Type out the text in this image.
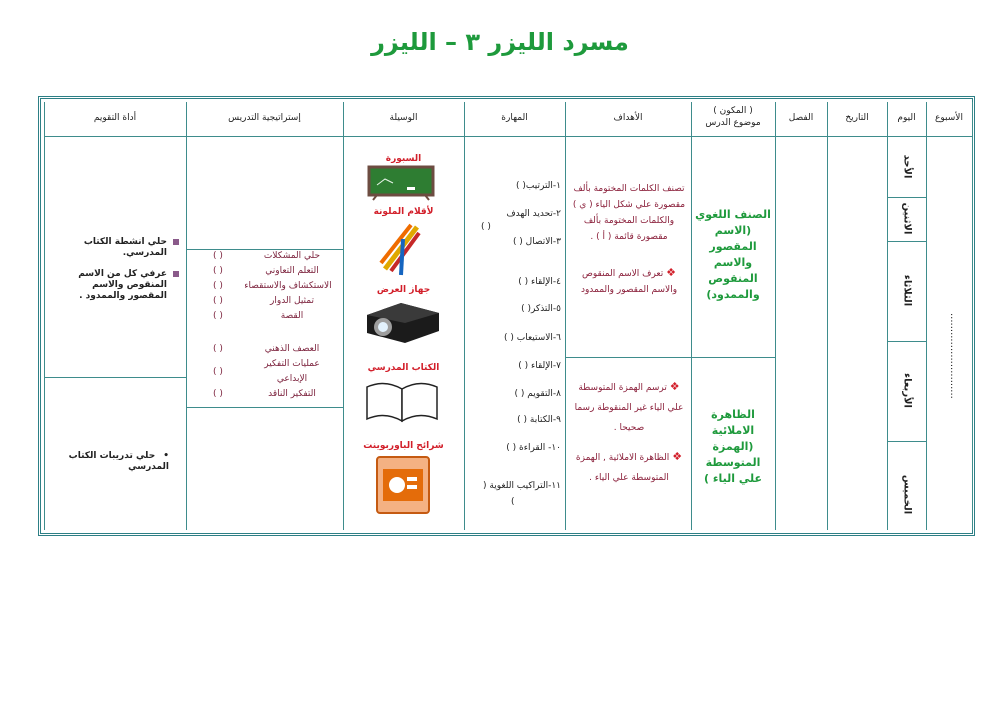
مسرد الليزر ٣ – الليزر
الأسبوع
اليوم
التاريخ
الفصل
( المكون )
موضوع الدرس
الأهداف
المهارة
الوسيلة
إستراتيجية التدريس
أداة التقويم
الأحد
الاثنين
الثلاثاء
الأربعاء
الخميس
...........................
الصنف اللغوي (الاسم المقصور والاسم المنقوص والممدود)
الظاهرة الاملائية (الهمزة المتوسطة علي الياء )
تصنف الكلمات المختومة بألف مقصورة علي شكل الياء ( ي ) والكلمات المختومة بألف مقصورة قائمة ( أ ) .
❖ تعرف الاسم المنقوص والاسم المقصور والممدود
❖ ترسم الهمزة المتوسطة علي الياء غير المنقوطة رسما صحيحا .
❖ الظاهرة الاملائية , الهمزة المتوسطة علي الياء .
١-الترتيب( )
٢-تحديد الهدف
( )
٣-الاتصال ( )
٤-الإلقاء ( )
٥-التذكر( )
٦-الاستيعاب ( )
٧-الإلقاء ( )
٨-التقويم ( )
٩-الكتابة ( )
١٠- القراءة ( )
١١-التراكيب اللغوية (
)
السبورة
لأقلام الملونة
جهاز العرض
الكتاب المدرسي
شرائح الباوربوينت
حلي المشكلات
التعلم التعاوني
الاستكشاف والاستقصاء
تمثيل الدوار
القصة
العصف الذهني
عمليات التفكير
الإبداعي
التفكير الناقد
( )
( )
( )
( )
( )
( )
( )
( )
حلي انشطة الكتاب المدرسي.
عرفي كل من الاسم المنقوص والاسم المقصور والممدود .
•
حلي تدريبات الكتاب المدرسي
